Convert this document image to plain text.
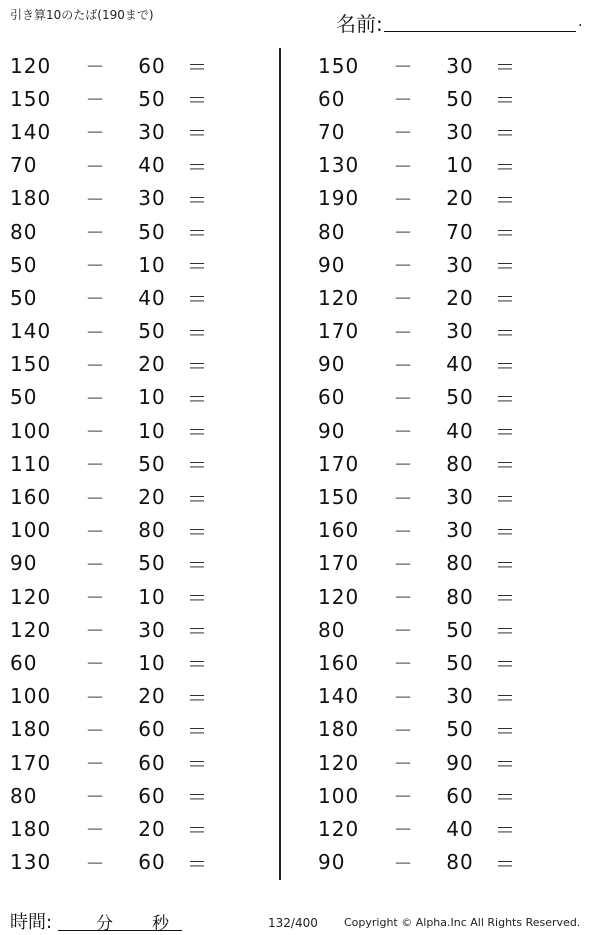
引き算10のたば(190まで)	名前:	.
120	－	60	＝
150	－	50	＝
140	－	30	＝
70	－	40	＝
180	－	30	＝
80	－	50	＝
50	－	10	＝
50	－	40	＝
140	－	50	＝
150	－	20	＝
50	－	10	＝
100	－	10	＝
110	－	50	＝
160	－	20	＝
100	－	80	＝
90	－	50	＝
120	－	10	＝
120	－	30	＝
60	－	10	＝
100	－	20	＝
180	－	60	＝
170	－	60	＝
80	－	60	＝
180	－	20	＝
130	－	60	＝
150	－	30	＝
60	－	50	＝
70	－	30	＝
130	－	10	＝
190	－	20	＝
80	－	70	＝
90	－	30	＝
120	－	20	＝
170	－	30	＝
90	－	40	＝
60	－	50	＝
90	－	40	＝
170	－	80	＝
150	－	30	＝
160	－	30	＝
170	－	80	＝
120	－	80	＝
80	－	50	＝
160	－	50	＝
140	－	30	＝
180	－	50	＝
120	－	90	＝
100	－	60	＝
120	－	40	＝
90	－	80	＝
時間:	分 秒	132/400 Copyright © Alpha.Inc All Rights Reserved.
